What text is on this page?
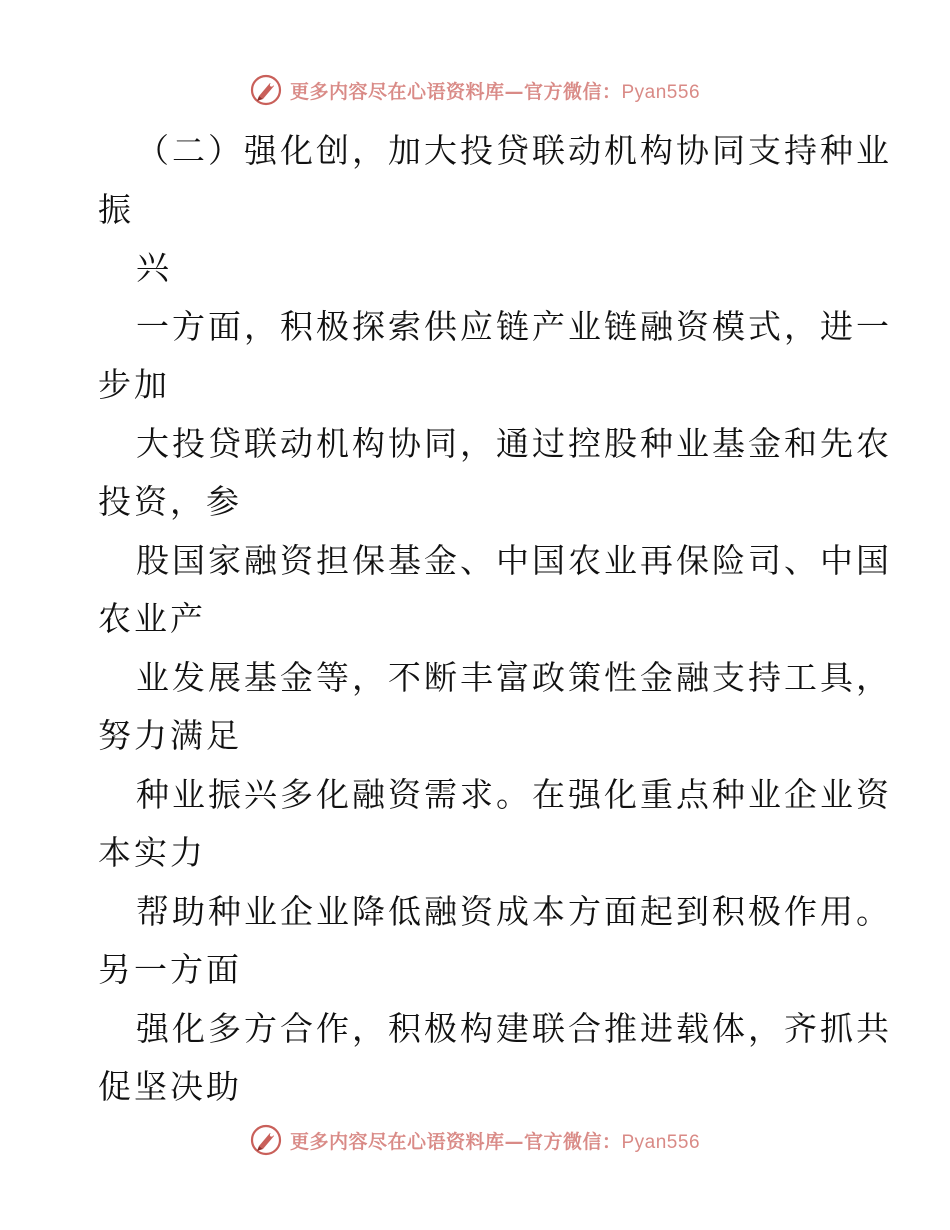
更多内容尽在心语资料库—官方微信：Pyan556
（二）强化创，加大投贷联动机构协同支持种业
振
兴
一方面，积极探索供应链产业链融资模式，进一
步加
大投贷联动机构协同，通过控股种业基金和先农
投资，参
股国家融资担保基金、中国农业再保险司、中国
农业产
业发展基金等，不断丰富政策性金融支持工具，
努力满足
种业振兴多化融资需求。在强化重点种业企业资
本实力
帮助种业企业降低融资成本方面起到积极作用。
另一方面
强化多方合作，积极构建联合推进载体，齐抓共
促坚决助
更多内容尽在心语资料库—官方微信：Pyan556
